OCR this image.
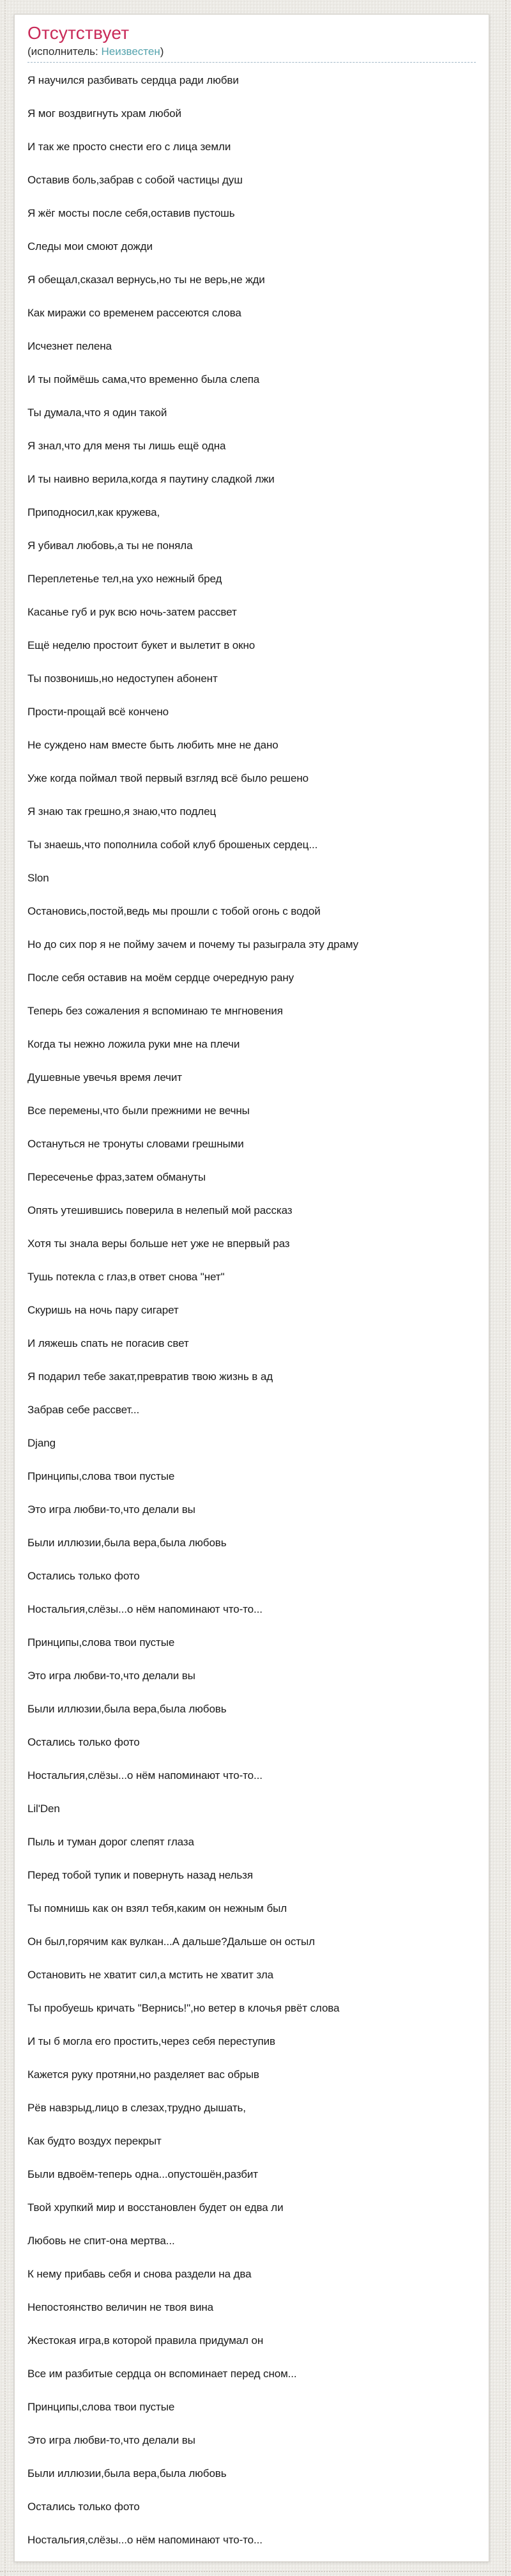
Отсутствует
(исполнитель: Неизвестен)
Я научился разбивать сердца ради любви
Я мог воздвигнуть храм любой
И так же просто снести его с лица земли
Оставив боль,забрав с собой частицы душ
Я жёг мосты после себя,оставив пустошь
Следы мои смоют дожди
Я обещал,сказал вернусь,но ты не верь,не жди
Как миражи со временем рассеются слова
Исчезнет пелена
И ты поймёшь сама,что временно была слепа
Ты думала,что я один такой
Я знал,что для меня ты лишь ещё одна
И ты наивно верила,когда я паутину сладкой лжи
Приподносил,как кружева,
Я убивал любовь,а ты не поняла
Переплетенье тел,на ухо нежный бред
Касанье губ и рук всю ночь-затем рассвет
Ещё неделю простоит букет и вылетит в окно
Ты позвонишь,но недоступен абонент
Прости-прощай всё кончено
Не суждено нам вместе быть любить мне не дано
Уже когда поймал твой первый взгляд всё было решено
Я знаю так грешно,я знаю,что подлец
Ты знаешь,что пополнила собой клуб брошеных сердец...
Slon
Остановись,постой,ведь мы прошли с тобой огонь с водой
Но до сих пор я не пойму зачем и почему ты разыграла эту драму
После себя оставив на моём сердце очередную рану
Теперь без сожаления я вспоминаю те мнгновения
Когда ты нежно ложила руки мне на плечи
Душевные увечья время лечит
Все перемены,что были прежними не вечны
Остануться не тронуты словами грешными
Пересеченье фраз,затем обмануты
Опять утешившись поверила в нелепый мой рассказ
Хотя ты знала веры больше нет уже не впервый раз
Тушь потекла с глаз,в ответ снова "нет"
Скуришь на ночь пару сигарет
И ляжешь спать не погасив свет
Я подарил тебе закат,превратив твою жизнь в ад
Забрав себе рассвет...
Djang
Принципы,слова твои пустые
Это игра любви-то,что делали вы
Были иллюзии,была вера,была любовь
Остались только фото
Ностальгия,слёзы...о нём напоминают что-то...
Принципы,слова твои пустые
Это игра любви-то,что делали вы
Были иллюзии,была вера,была любовь
Остались только фото
Ностальгия,слёзы...о нём напоминают что-то...
Lil'Den
Пыль и туман дорог слепят глаза
Перед тобой тупик и повернуть назад нельзя
Ты помнишь как он взял тебя,каким он нежным был
Он был,горячим как вулкан...А дальше?Дальше он остыл
Остановить не хватит сил,а мстить не хватит зла
Ты пробуешь кричать "Вернись!",но ветер в клочья рвёт слова
И ты б могла его простить,через себя переступив
Кажется руку протяни,но разделяет вас обрыв
Рёв навзрыд,лицо в слезах,трудно дышать,
Как будто воздух перекрыт
Были вдвоём-теперь одна...опустошён,разбит
Твой хрупкий мир и восстановлен будет он едва ли
Любовь не спит-она мертва...
К нему прибавь себя и снова раздели на два
Непостоянство величин не твоя вина
Жестокая игра,в которой правила придумал он
Все им разбитые сердца он вспоминает перед сном...
Принципы,слова твои пустые
Это игра любви-то,что делали вы
Были иллюзии,была вера,была любовь
Остались только фото
Ностальгия,слёзы...о нём напоминают что-то...
